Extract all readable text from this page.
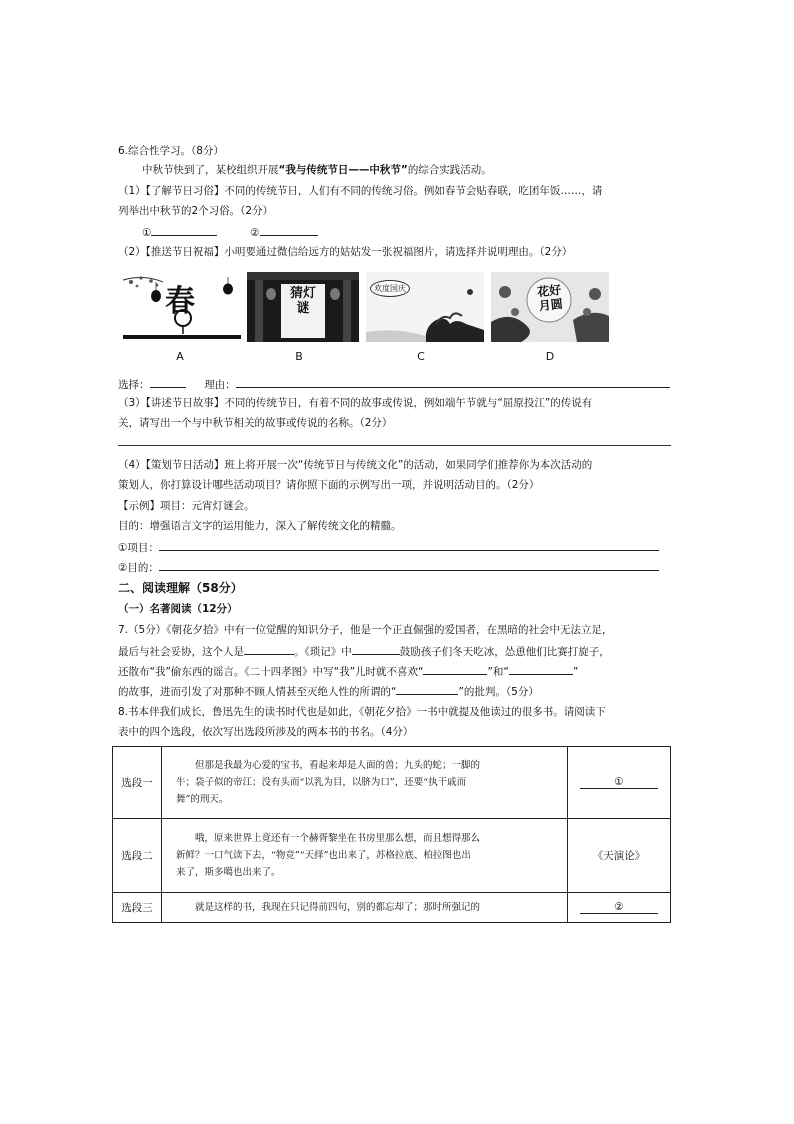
6.综合性学习。（8分）
中秋节快到了，某校组织开展“我与传统节日——中秋节”的综合实践活动。
（1）【了解节日习俗】不同的传统节日，人们有不同的传统习俗。例如春节会贴春联，吃团年饭……，请
列举出中秋节的2个习俗。（2分）
①	②
（2）【推送节日祝福】小明要通过微信给远方的姑姑发一张祝福图片，请选择并说明理由。（2分）
春	猜灯谜
欢度国庆	花好月圆
A	B	C	D
选择：	理由：
（3）【讲述节日故事】不同的传统节日，有着不同的故事或传说，例如端午节就与“屈原投江”的传说有
关，请写出一个与中秋节相关的故事或传说的名称。（2分）
（4）【策划节日活动】班上将开展一次“传统节日与传统文化”的活动，如果同学们推荐你为本次活动的
策划人，你打算设计哪些活动项目？请你照下面的示例写出一项，并说明活动目的。（2分）
【示例】项目：元宵灯谜会。
目的：增强语言文字的运用能力，深入了解传统文化的精髓。
①项目：
②目的：
二、阅读理解（58分）
（一）名著阅读（12分）
7.（5分）《朝花夕拾》中有一位觉醒的知识分子，他是一个正直倔强的爱国者，在黑暗的社会中无法立足，
最后与社会妥协，这个人是	。《琐记》中	鼓励孩子们冬天吃冰，怂恿他们比赛打旋子，
还散布“我”偷东西的谣言。《二十四孝图》中写“我”儿时就不喜欢“	”和“	”
的故事，进而引发了对那种不顾人情甚至灭绝人性的所谓的“	”的批判。（5分）
8.书本伴我们成长，鲁迅先生的读书时代也是如此，《朝花夕拾》一书中就提及他读过的很多书。请阅读下
表中的四个选段，依次写出选段所涉及的两本书的书名。（4分）
选段一	但那是我最为心爱的宝书，看起来却是人面的兽；九头的蛇；一脚的
牛；袋子似的帝江；没有头而“以乳为目，以脐为口”，还要“执干戚而
舞”的刑天。	①
选段二	哦，原来世界上竟还有一个赫胥黎坐在书房里那么想，而且想得那么
新鲜？一口气读下去，“物竞”“天择”也出来了，苏格拉底、柏拉图也出
来了，斯多噶也出来了。	《天演论》
选段三	就是这样的书，我现在只记得前四句，别的都忘却了；那时所强记的	②
